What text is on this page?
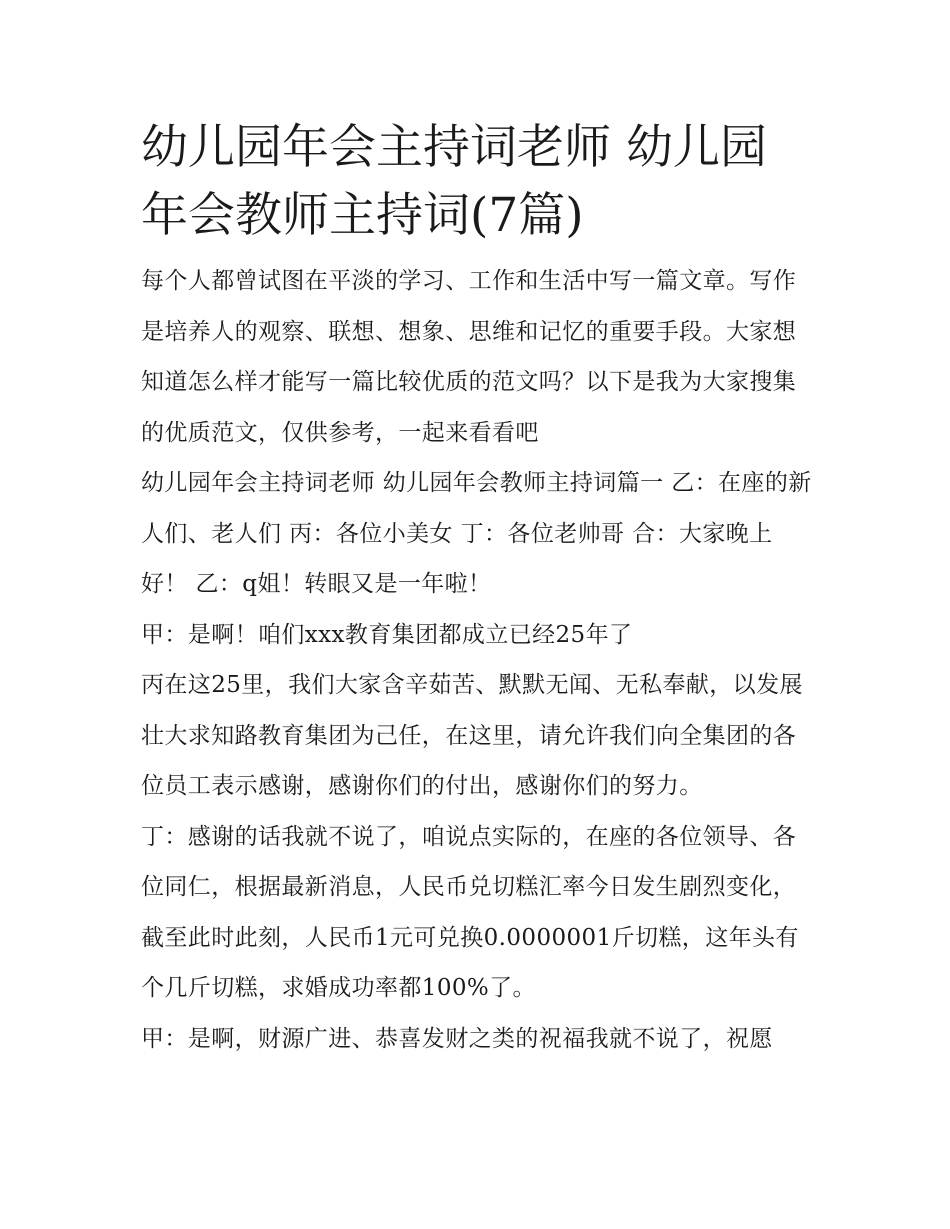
幼儿园年会主持词老师 幼儿园年会教师主持词(7篇)

每个人都曾试图在平淡的学习、工作和生活中写一篇文章。写作是培养人的观察、联想、想象、思维和记忆的重要手段。大家想知道怎么样才能写一篇比较优质的范文吗？以下是我为大家搜集的优质范文，仅供参考，一起来看看吧

幼儿园年会主持词老师 幼儿园年会教师主持词篇一 乙：在座的新人们、老人们 丙：各位小美女 丁：各位老帅哥 合：大家晚上好！ 乙：q姐！转眼又是一年啦！

甲：是啊！咱们xxx教育集团都成立已经25年了

丙在这25里，我们大家含辛茹苦、默默无闻、无私奉献，以发展壮大求知路教育集团为己任，在这里，请允许我们向全集团的各位员工表示感谢，感谢你们的付出，感谢你们的努力。

丁：感谢的话我就不说了，咱说点实际的，在座的各位领导、各位同仁，根据最新消息，人民币兑切糕汇率今日发生剧烈变化，截至此时此刻，人民币1元可兑换0.0000001斤切糕，这年头有个几斤切糕，求婚成功率都100%了。

甲：是啊，财源广进、恭喜发财之类的祝福我就不说了，祝愿
